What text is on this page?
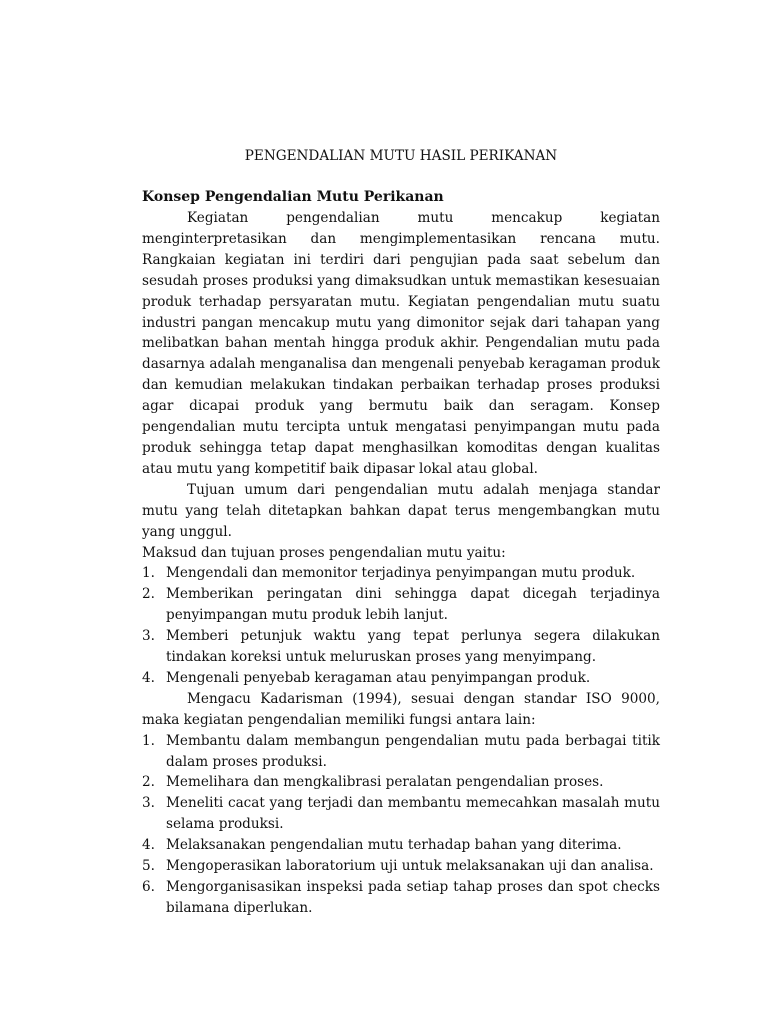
PENGENDALIAN MUTU HASIL PERIKANAN
Konsep Pengendalian Mutu Perikanan

Kegiatan pengendalian mutu mencakup kegiatan menginterpretasikan dan mengimplementasikan rencana mutu. Rangkaian kegiatan ini terdiri dari pengujian pada saat sebelum dan sesudah proses produksi yang dimaksudkan untuk memastikan kesesuaian produk terhadap persyaratan mutu. Kegiatan pengendalian mutu suatu industri pangan mencakup mutu yang dimonitor sejak dari tahapan yang melibatkan bahan mentah hingga produk akhir. Pengendalian mutu pada dasarnya adalah menganalisa dan mengenali penyebab keragaman produk dan kemudian melakukan tindakan perbaikan terhadap proses produksi agar dicapai produk yang bermutu baik dan seragam. Konsep pengendalian mutu tercipta untuk mengatasi penyimpangan mutu pada produk sehingga tetap dapat menghasilkan komoditas dengan kualitas atau mutu yang kompetitif baik dipasar lokal atau global.

Tujuan umum dari pengendalian mutu adalah menjaga standar mutu yang telah ditetapkan bahkan dapat terus mengembangkan mutu yang unggul.

Maksud dan tujuan proses pengendalian mutu yaitu:

1. Mengendali dan memonitor terjadinya penyimpangan mutu produk.
2. Memberikan peringatan dini sehingga dapat dicegah terjadinya penyimpangan mutu produk lebih lanjut.
3. Memberi petunjuk waktu yang tepat perlunya segera dilakukan tindakan koreksi untuk meluruskan proses yang menyimpang.
4. Mengenali penyebab keragaman atau penyimpangan produk.

Mengacu Kadarisman (1994), sesuai dengan standar ISO 9000, maka kegiatan pengendalian memiliki fungsi antara lain:

1. Membantu dalam membangun pengendalian mutu pada berbagai titik dalam proses produksi.
2. Memelihara dan mengkalibrasi peralatan pengendalian proses.
3. Meneliti cacat yang terjadi dan membantu memecahkan masalah mutu selama produksi.
4. Melaksanakan pengendalian mutu terhadap bahan yang diterima.
5. Mengoperasikan laboratorium uji untuk melaksanakan uji dan analisa.
6. Mengorganisasikan inspeksi pada setiap tahap proses dan spot checks bilamana diperlukan.
